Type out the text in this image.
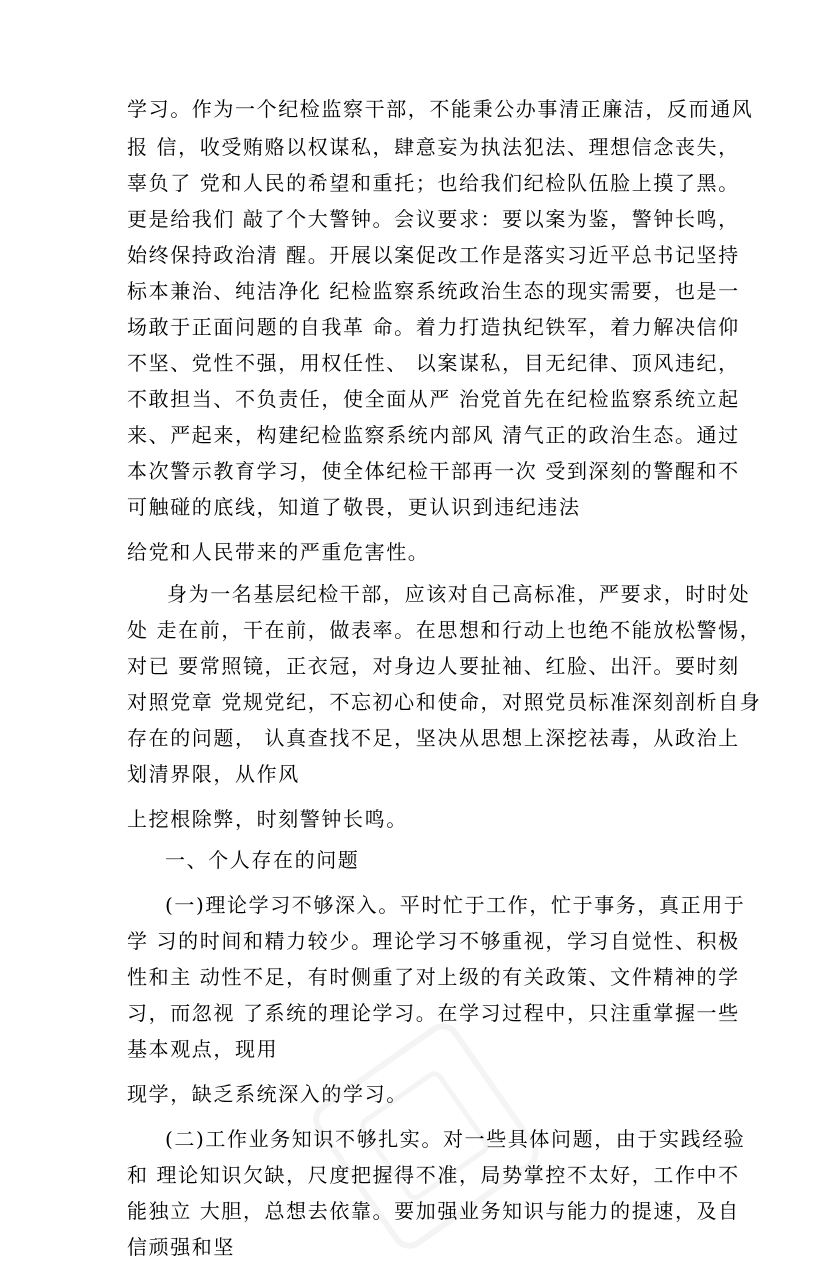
学习。作为一个纪检监察干部，不能秉公办事清正廉洁，反而通风
报 信，收受贿赂以权谋私，肆意妄为执法犯法、理想信念丧失，
辜负了 党和人民的希望和重托；也给我们纪检队伍脸上摸了黑。
更是给我们 敲了个大警钟。会议要求：要以案为鉴，警钟长鸣，
始终保持政治清 醒。开展以案促改工作是落实习近平总书记坚持
标本兼治、纯洁净化 纪检监察系统政治生态的现实需要，也是一
场敢于正面问题的自我革 命。着力打造执纪铁军，着力解决信仰
不坚、党性不强，用权任性、 以案谋私，目无纪律、顶风违纪，
不敢担当、不负责任，使全面从严 治党首先在纪检监察系统立起
来、严起来，构建纪检监察系统内部风 清气正的政治生态。通过
本次警示教育学习，使全体纪检干部再一次 受到深刻的警醒和不
可触碰的底线，知道了敬畏，更认识到违纪违法
给党和人民带来的严重危害性。
身为一名基层纪检干部，应该对自己高标准，严要求，时时处
处 走在前，干在前，做表率。在思想和行动上也绝不能放松警惕，
对已 要常照镜，正衣冠，对身边人要扯袖、红脸、出汗。要时刻
对照党章 党规党纪，不忘初心和使命，对照党员标准深刻剖析自身
存在的问题， 认真查找不足，坚决从思想上深挖祛毒，从政治上
划清界限，从作风
上挖根除弊，时刻警钟长鸣。
一、个人存在的问题
(一)理论学习不够深入。平时忙于工作，忙于事务，真正用于
学 习的时间和精力较少。理论学习不够重视，学习自觉性、积极
性和主 动性不足，有时侧重了对上级的有关政策、文件精神的学
习，而忽视 了系统的理论学习。在学习过程中，只注重掌握一些
基本观点，现用
现学，缺乏系统深入的学习。
(二)工作业务知识不够扎实。对一些具体问题，由于实践经验
和 理论知识欠缺，尺度把握得不准，局势掌控不太好，工作中不
能独立 大胆，总想去依靠。要加强业务知识与能力的提速，及自
信顽强和坚
